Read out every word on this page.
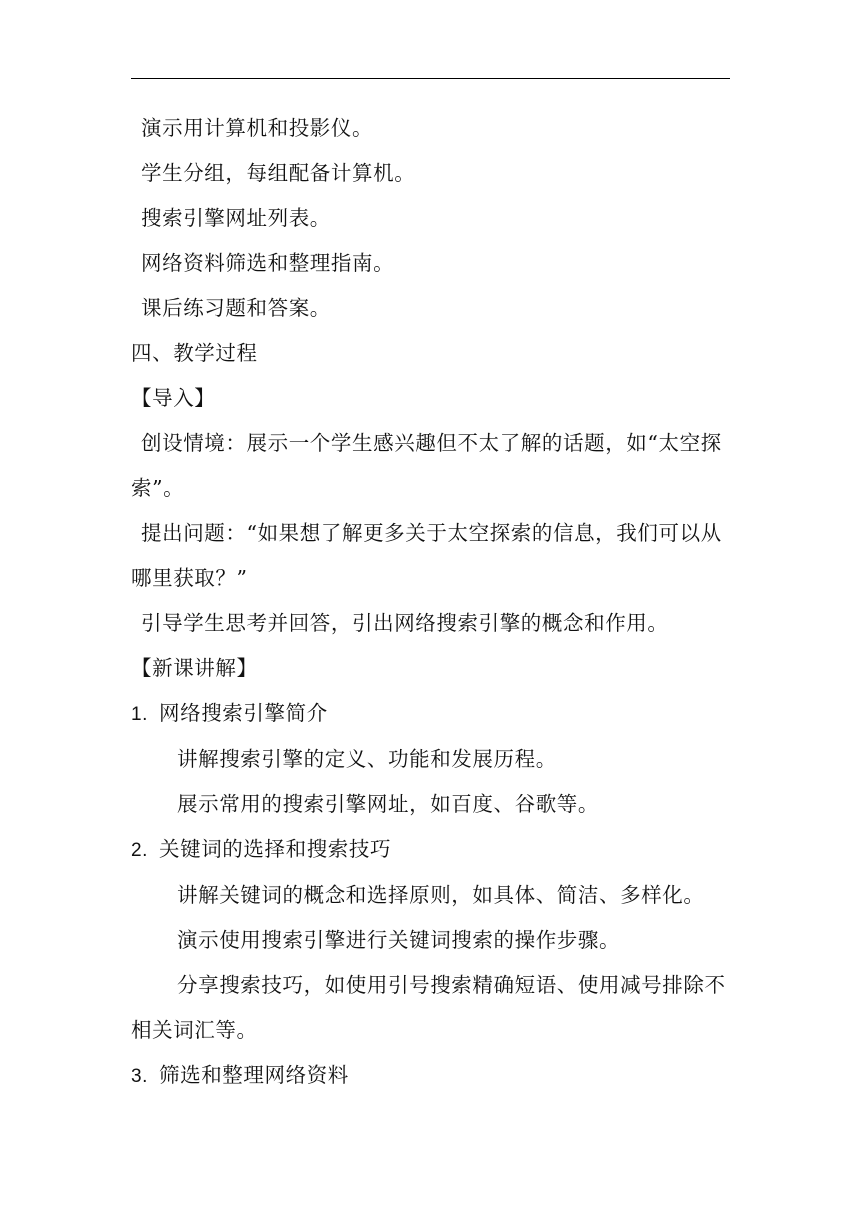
演示用计算机和投影仪。

学生分组，每组配备计算机。

搜索引擎网址列表。

网络资料筛选和整理指南。

课后练习题和答案。

四、教学过程

【导入】

创设情境：展示一个学生感兴趣但不太了解的话题，如“太空探索”。

提出问题：“如果想了解更多关于太空探索的信息，我们可以从哪里获取？”

引导学生思考并回答，引出网络搜索引擎的概念和作用。

【新课讲解】

1. 网络搜索引擎简介

讲解搜索引擎的定义、功能和发展历程。

展示常用的搜索引擎网址，如百度、谷歌等。

2. 关键词的选择和搜索技巧

讲解关键词的概念和选择原则，如具体、简洁、多样化。

演示使用搜索引擎进行关键词搜索的操作步骤。

分享搜索技巧，如使用引号搜索精确短语、使用减号排除不相关词汇等。

3. 筛选和整理网络资料
